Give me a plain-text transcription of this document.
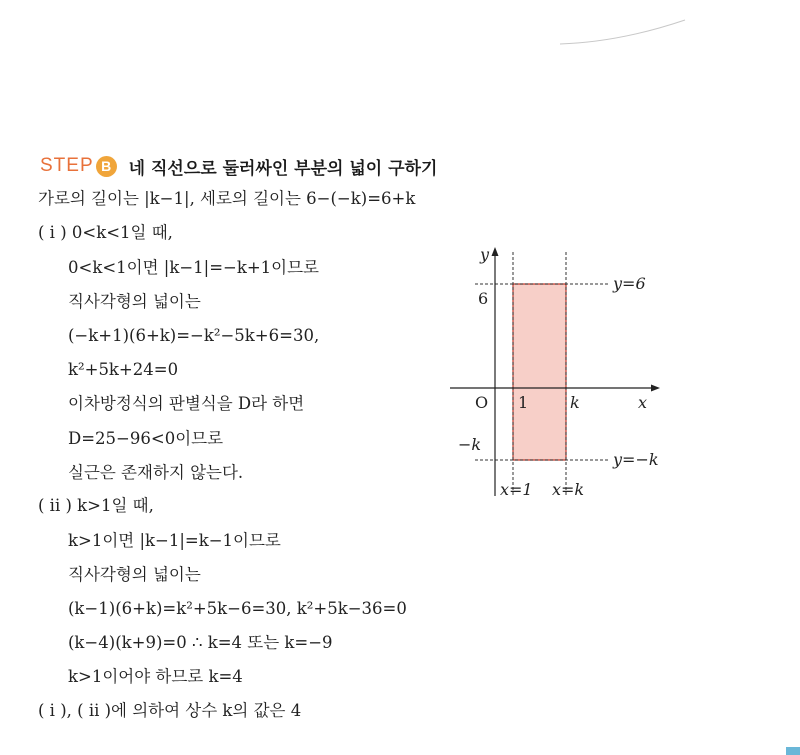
STEP B	네 직선으로 둘러싸인 부분의 넓이 구하기
가로의 길이는 |k−1|, 세로의 길이는 6−(−k)=6+k
( i ) 0<k<1일 때,
0<k<1이면 |k−1|=−k+1이므로
직사각형의 넓이는
(−k+1)(6+k)=−k²−5k+6=30,
k²+5k+24=0
이차방정식의 판별식을 D라 하면
D=25−96<0이므로
실근은 존재하지 않는다.
( ii ) k>1일 때,
k>1이면 |k−1|=k−1이므로
직사각형의 넓이는
(k−1)(6+k)=k²+5k−6=30, k²+5k−36=0
(k−4)(k+9)=0 ∴ k=4 또는 k=−9
k>1이어야 하므로 k=4
( i ), ( ii )에 의하여 상수 k의 값은 4
y
6
O 1	k	x
−k
y=6
y=−k
x=1 x=k
